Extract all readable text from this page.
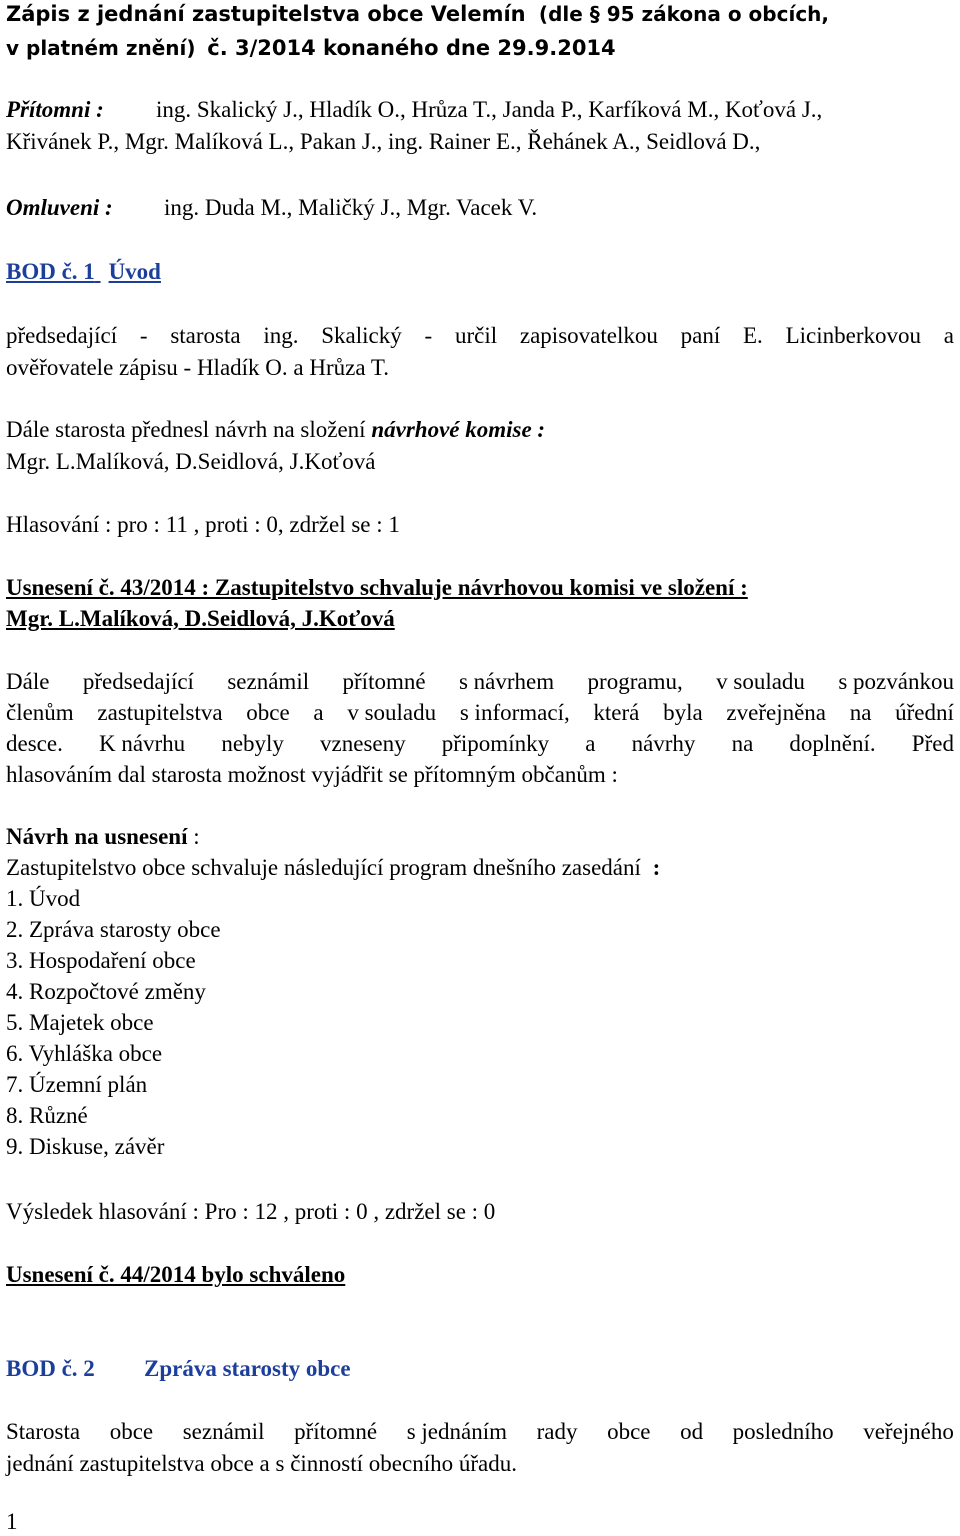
Zápis z jednání zastupitelstva obce Velemín (dle § 95 zákona o obcích,
v platném znění) č. 3/2014 konaného dne 29.9.2014
Přítomni : ing. Skalický J., Hladík O., Hrůza T., Janda P., Karfíková M., Koťová J.,
Křivánek P., Mgr. Malíková L., Pakan J., ing. Rainer E., Řehánek A., Seidlová D.,
Omluveni : ing. Duda M., Maličký J., Mgr. Vacek V.
BOD č. 1 Úvod
předsedající - starosta ing. Skalický - určil zapisovatelkou paní E. Licinberkovou a
ověřovatele zápisu - Hladík O. a Hrůza T.
Dále starosta přednesl návrh na složení návrhové komise :
Mgr. L.Malíková, D.Seidlová, J.Koťová
Hlasování : pro : 11 , proti : 0, zdržel se : 1
Usnesení č. 43/2014 : Zastupitelstvo schvaluje návrhovou komisi ve složení :
Mgr. L.Malíková, D.Seidlová, J.Koťová
Dále předsedající seznámil přítomné s návrhem programu, v souladu s pozvánkou
členům zastupitelstva obce a v souladu s informací, která byla zveřejněna na úřední
desce. K návrhu nebyly vzneseny připomínky a návrhy na doplnění. Před
hlasováním dal starosta možnost vyjádřit se přítomným občanům :
Návrh na usnesení :
Zastupitelstvo obce schvaluje následující program dnešního zasedání :
1. Úvod
2. Zpráva starosty obce
3. Hospodaření obce
4. Rozpočtové změny
5. Majetek obce
6. Vyhláška obce
7. Územní plán
8. Různé
9. Diskuse, závěr
Výsledek hlasování : Pro : 12 , proti : 0 , zdržel se : 0
Usnesení č. 44/2014 bylo schváleno
BOD č. 2 Zpráva starosty obce
Starosta obce seznámil přítomné s jednáním rady obce od posledního veřejného
jednání zastupitelstva obce a s činností obecního úřadu.
1
